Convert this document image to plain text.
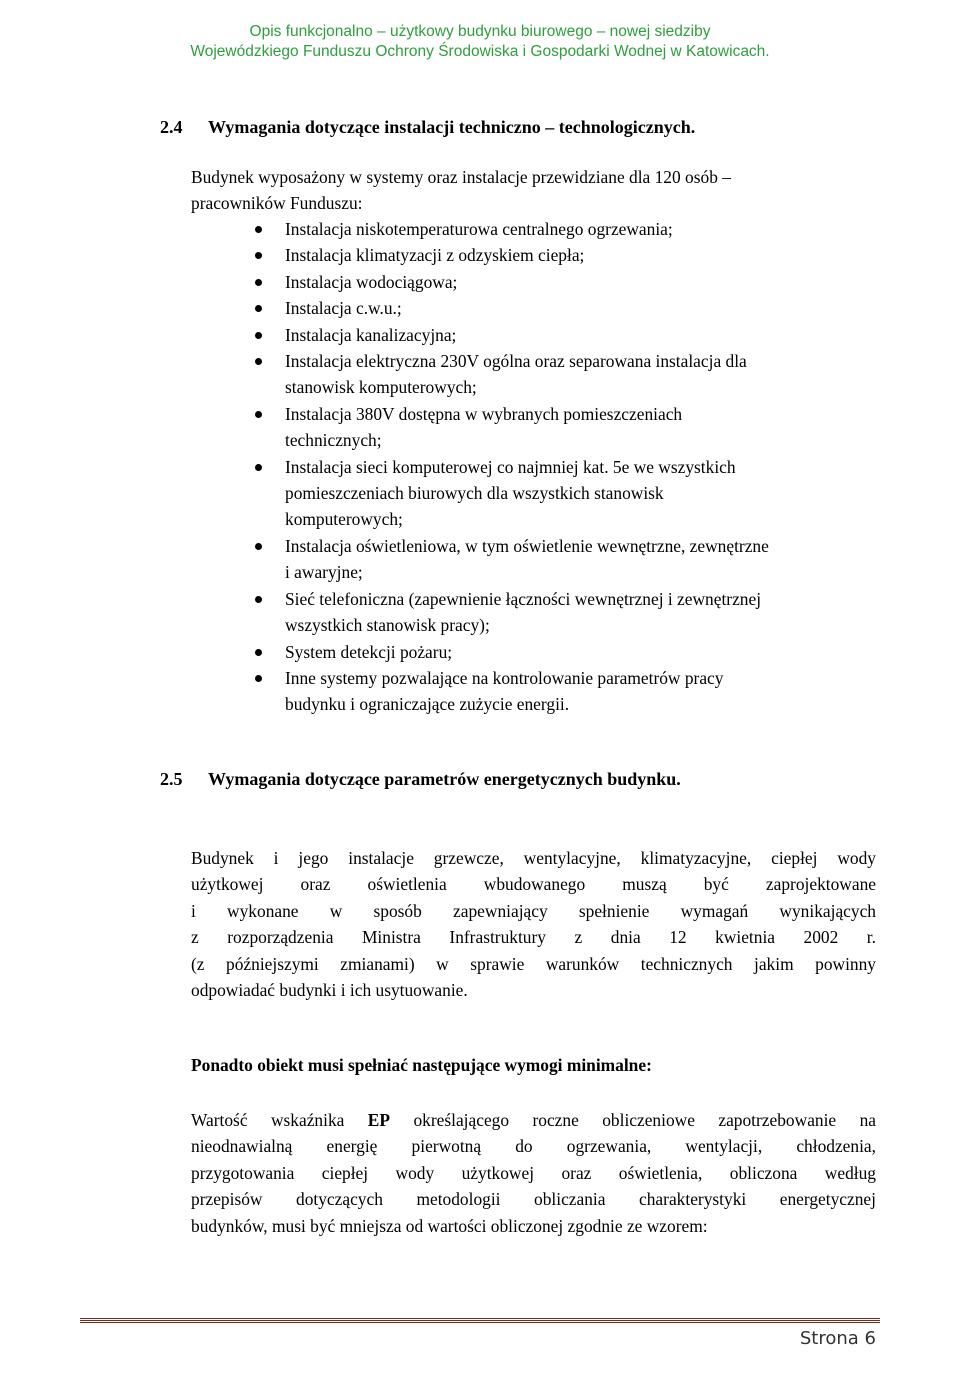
Opis funkcjonalno – użytkowy budynku biurowego – nowej siedziby
Wojewódzkiego Funduszu Ochrony Środowiska i Gospodarki Wodnej w Katowicach.
2.4 Wymagania dotyczące instalacji techniczno – technologicznych.
Budynek wyposażony w systemy oraz instalacje przewidziane dla 120 osób –
pracowników Funduszu:
Instalacja niskotemperaturowa centralnego ogrzewania;
Instalacja klimatyzacji z odzyskiem ciepła;
Instalacja wodociągowa;
Instalacja c.w.u.;
Instalacja kanalizacyjna;
Instalacja elektryczna 230V ogólna oraz separowana instalacja dla
stanowisk komputerowych;
Instalacja 380V dostępna w wybranych pomieszczeniach
technicznych;
Instalacja sieci komputerowej co najmniej kat. 5e we wszystkich
pomieszczeniach biurowych dla wszystkich stanowisk
komputerowych;
Instalacja oświetleniowa, w tym oświetlenie wewnętrzne, zewnętrzne
i awaryjne;
Sieć telefoniczna (zapewnienie łączności wewnętrznej i zewnętrznej
wszystkich stanowisk pracy);
System detekcji pożaru;
Inne systemy pozwalające na kontrolowanie parametrów pracy
budynku i ograniczające zużycie energii.
2.5 Wymagania dotyczące parametrów energetycznych budynku.
Budynek i jego instalacje grzewcze, wentylacyjne, klimatyzacyjne, ciepłej wody
użytkowej oraz oświetlenia wbudowanego muszą być zaprojektowane
i wykonane w sposób zapewniający spełnienie wymagań wynikających
z rozporządzenia Ministra Infrastruktury z dnia 12 kwietnia 2002 r.
(z późniejszymi zmianami) w sprawie warunków technicznych jakim powinny
odpowiadać budynki i ich usytuowanie.
Ponadto obiekt musi spełniać następujące wymogi minimalne:
Wartość wskaźnika EP określającego roczne obliczeniowe zapotrzebowanie na
nieodnawialną energię pierwotną do ogrzewania, wentylacji, chłodzenia,
przygotowania ciepłej wody użytkowej oraz oświetlenia, obliczona według
przepisów dotyczących metodologii obliczania charakterystyki energetycznej
budynków, musi być mniejsza od wartości obliczonej zgodnie ze wzorem:
Strona 6
